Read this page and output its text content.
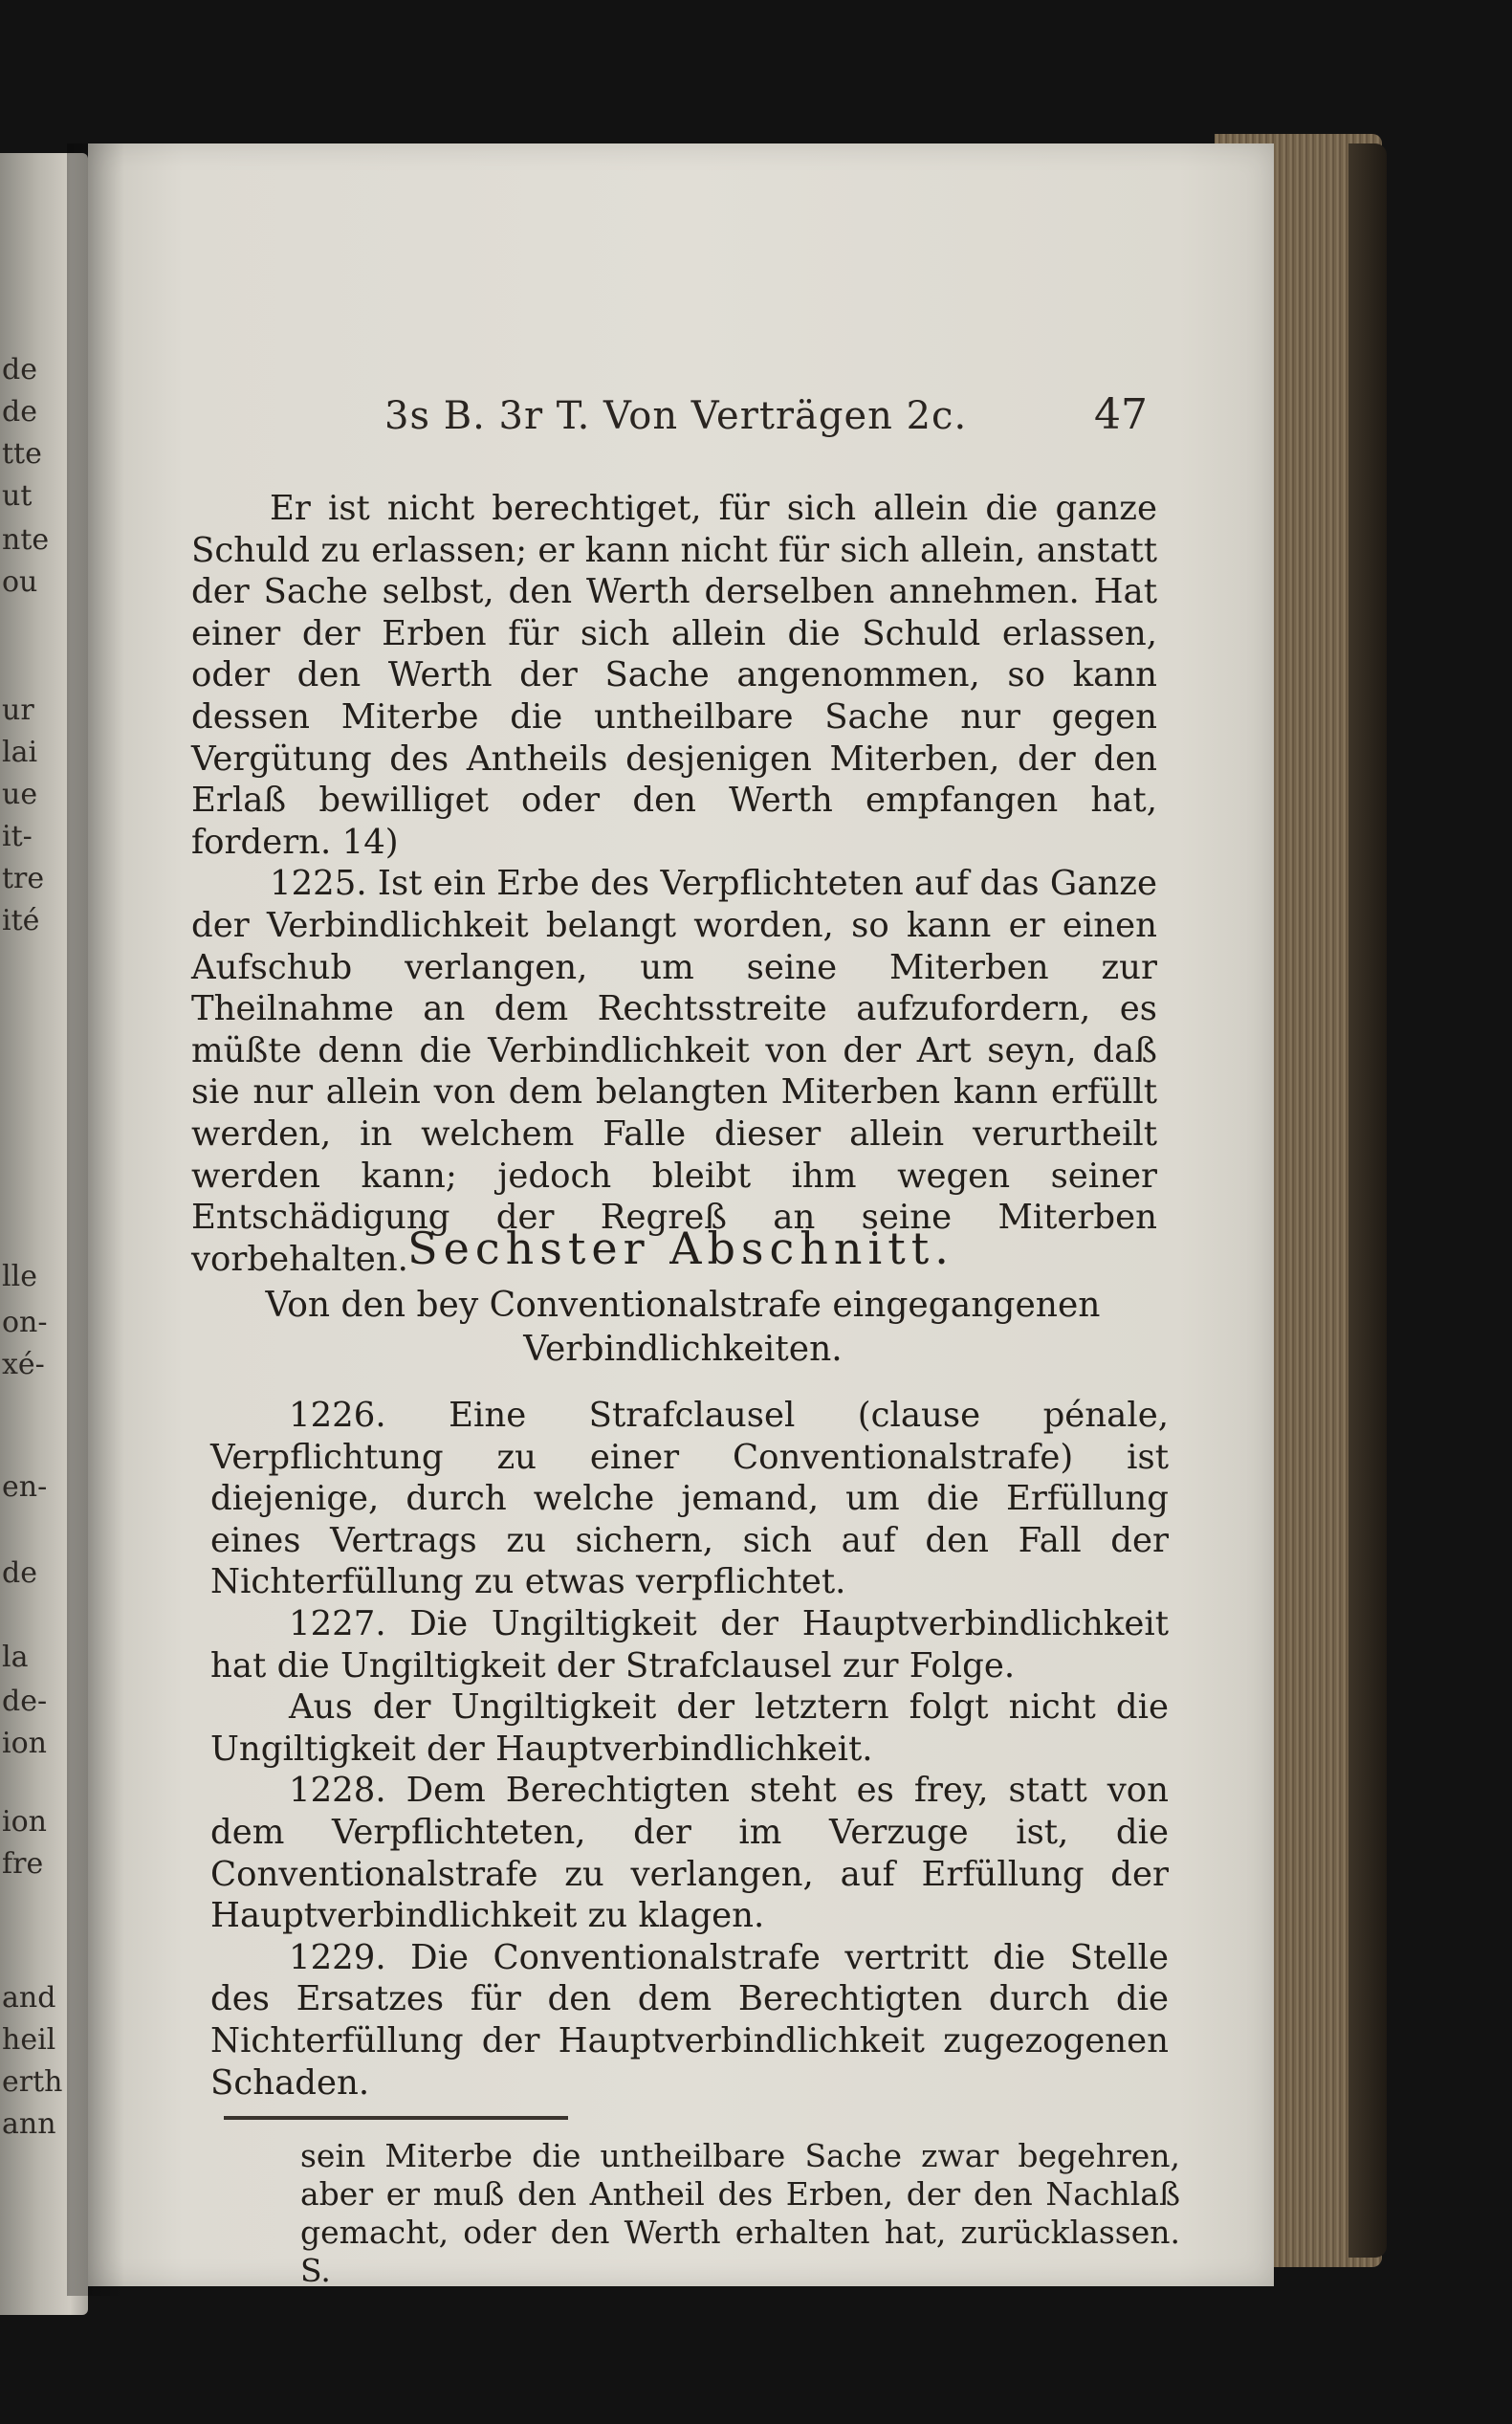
de
de
tte
ut
nte
ou
ur
lai
ue
it-
tre
ité
lle
on-
xé-
en-
de
la
de-
ion
ion
fre
and
heil
erth
ann
3s B. 3r T. Von Verträgen 2c.	47

Er ist nicht berechtiget, für sich allein die ganze Schuld zu erlassen; er kann nicht für sich allein, anstatt der Sache selbst, den Werth derselben annehmen. Hat einer der Erben für sich allein die Schuld erlassen, oder den Werth der Sache angenommen, so kann dessen Miterbe die untheilbare Sache nur gegen Vergütung des Antheils desjenigen Miterben, der den Erlaß bewilliget oder den Werth empfangen hat, fordern. 14)

1225. Ist ein Erbe des Verpflichteten auf das Ganze der Verbindlichkeit belangt worden, so kann er einen Aufschub verlangen, um seine Miterben zur Theilnahme an dem Rechtsstreite aufzufordern, es müßte denn die Verbindlichkeit von der Art seyn, daß sie nur allein von dem belangten Miterben kann erfüllt werden, in welchem Falle dieser allein verurtheilt werden kann; jedoch bleibt ihm wegen seiner Entschädigung der Regreß an seine Miterben vorbehalten. Sechster Abschnitt.
Von den bey Conventionalstrafe eingegangenen Verbindlichkeiten.

1226. Eine Strafclausel (clause pénale, Verpflichtung zu einer Conventionalstrafe) ist diejenige, durch welche jemand, um die Erfüllung eines Vertrags zu sichern, sich auf den Fall der Nichterfüllung zu etwas verpflichtet.

1227. Die Ungiltigkeit der Hauptverbindlichkeit hat die Ungiltigkeit der Strafclausel zur Folge.

Aus der Ungiltigkeit der letztern folgt nicht die Ungiltigkeit der Hauptverbindlichkeit.

1228. Dem Berechtigten steht es frey, statt von dem Verpflichteten, der im Verzuge ist, die Conventionalstrafe zu verlangen, auf Erfüllung der Hauptverbindlichkeit zu klagen.

1229. Die Conventionalstrafe vertritt die Stelle des Ersatzes für den dem Berechtigten durch die Nichterfüllung der Hauptverbindlichkeit zugezogenen Schaden.

sein Miterbe die untheilbare Sache zwar begehren, aber er muß den Antheil des Erben, der den Nachlaß gemacht, oder den Werth erhalten hat, zurücklassen. S.
